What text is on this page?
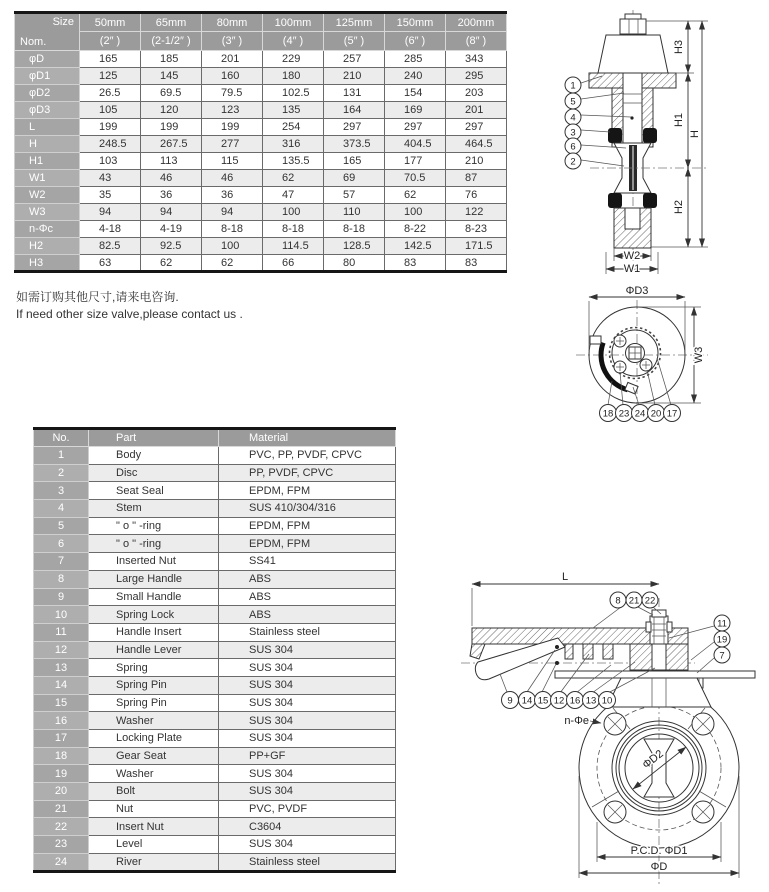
Size
Nom.	50mm	65mm	80mm	100mm	125mm	150mm	200mm
	(2″ )	(2-1/2″ )	(3″ )	(4″ )	(5″ )	(6″ )	(8″ )
φD	165	185	201	229	257	285	343
φD1	125	145	160	180	210	240	295
φD2	26.5	69.5	79.5	102.5	131	154	203
φD3	105	120	123	135	164	169	201
L	199	199	199	254	297	297	297
H	248.5	267.5	277	316	373.5	404.5	464.5
H1	103	113	115	135.5	165	177	210
W1	43	46	46	62	69	70.5	87
W2	35	36	36	47	57	62	76
W3	94	94	94	100	110	100	122
n-Φc	4-18	4-19	8-18	8-18	8-18	8-22	8-23
H2	82.5	92.5	100	114.5	128.5	142.5	171.5
H3	63	62	62	66	80	83	83
如需订购其他尺寸,请来电咨询.
If need other size valve,please contact us .
No.	Part	Material
1	Body	PVC, PP, PVDF, CPVC
2	Disc	PP, PVDF, CPVC
3	Seat Seal	EPDM, FPM
4	Stem	SUS 410/304/316
5	" o " -ring	EPDM, FPM
6	" o " -ring	EPDM, FPM
7	Inserted Nut	SS41
8	Large Handle	ABS
9	Small Handle	ABS
10	Spring Lock	ABS
11	Handle Insert	Stainless steel
12	Handle Lever	SUS 304
13	Spring	SUS 304
14	Spring Pin	SUS 304
15	Spring Pin	SUS 304
16	Washer	SUS 304
17	Locking Plate	SUS 304
18	Gear Seat	PP+GF
19	Washer	SUS 304
20	Bolt	SUS 304
21	Nut	PVC, PVDF
22	Insert Nut	C3604
23	Level	SUS 304
24	River	Stainless steel
H3
H1
H2
H
W2
W1
1
5
4
3
6
2
ΦD3
W3
18 23 24 20 17
L
ΦD2
n-Φe
P.C.D. ΦD1
ΦD
8 21 22
11
19
7
9 14 15 12 16 13 10
